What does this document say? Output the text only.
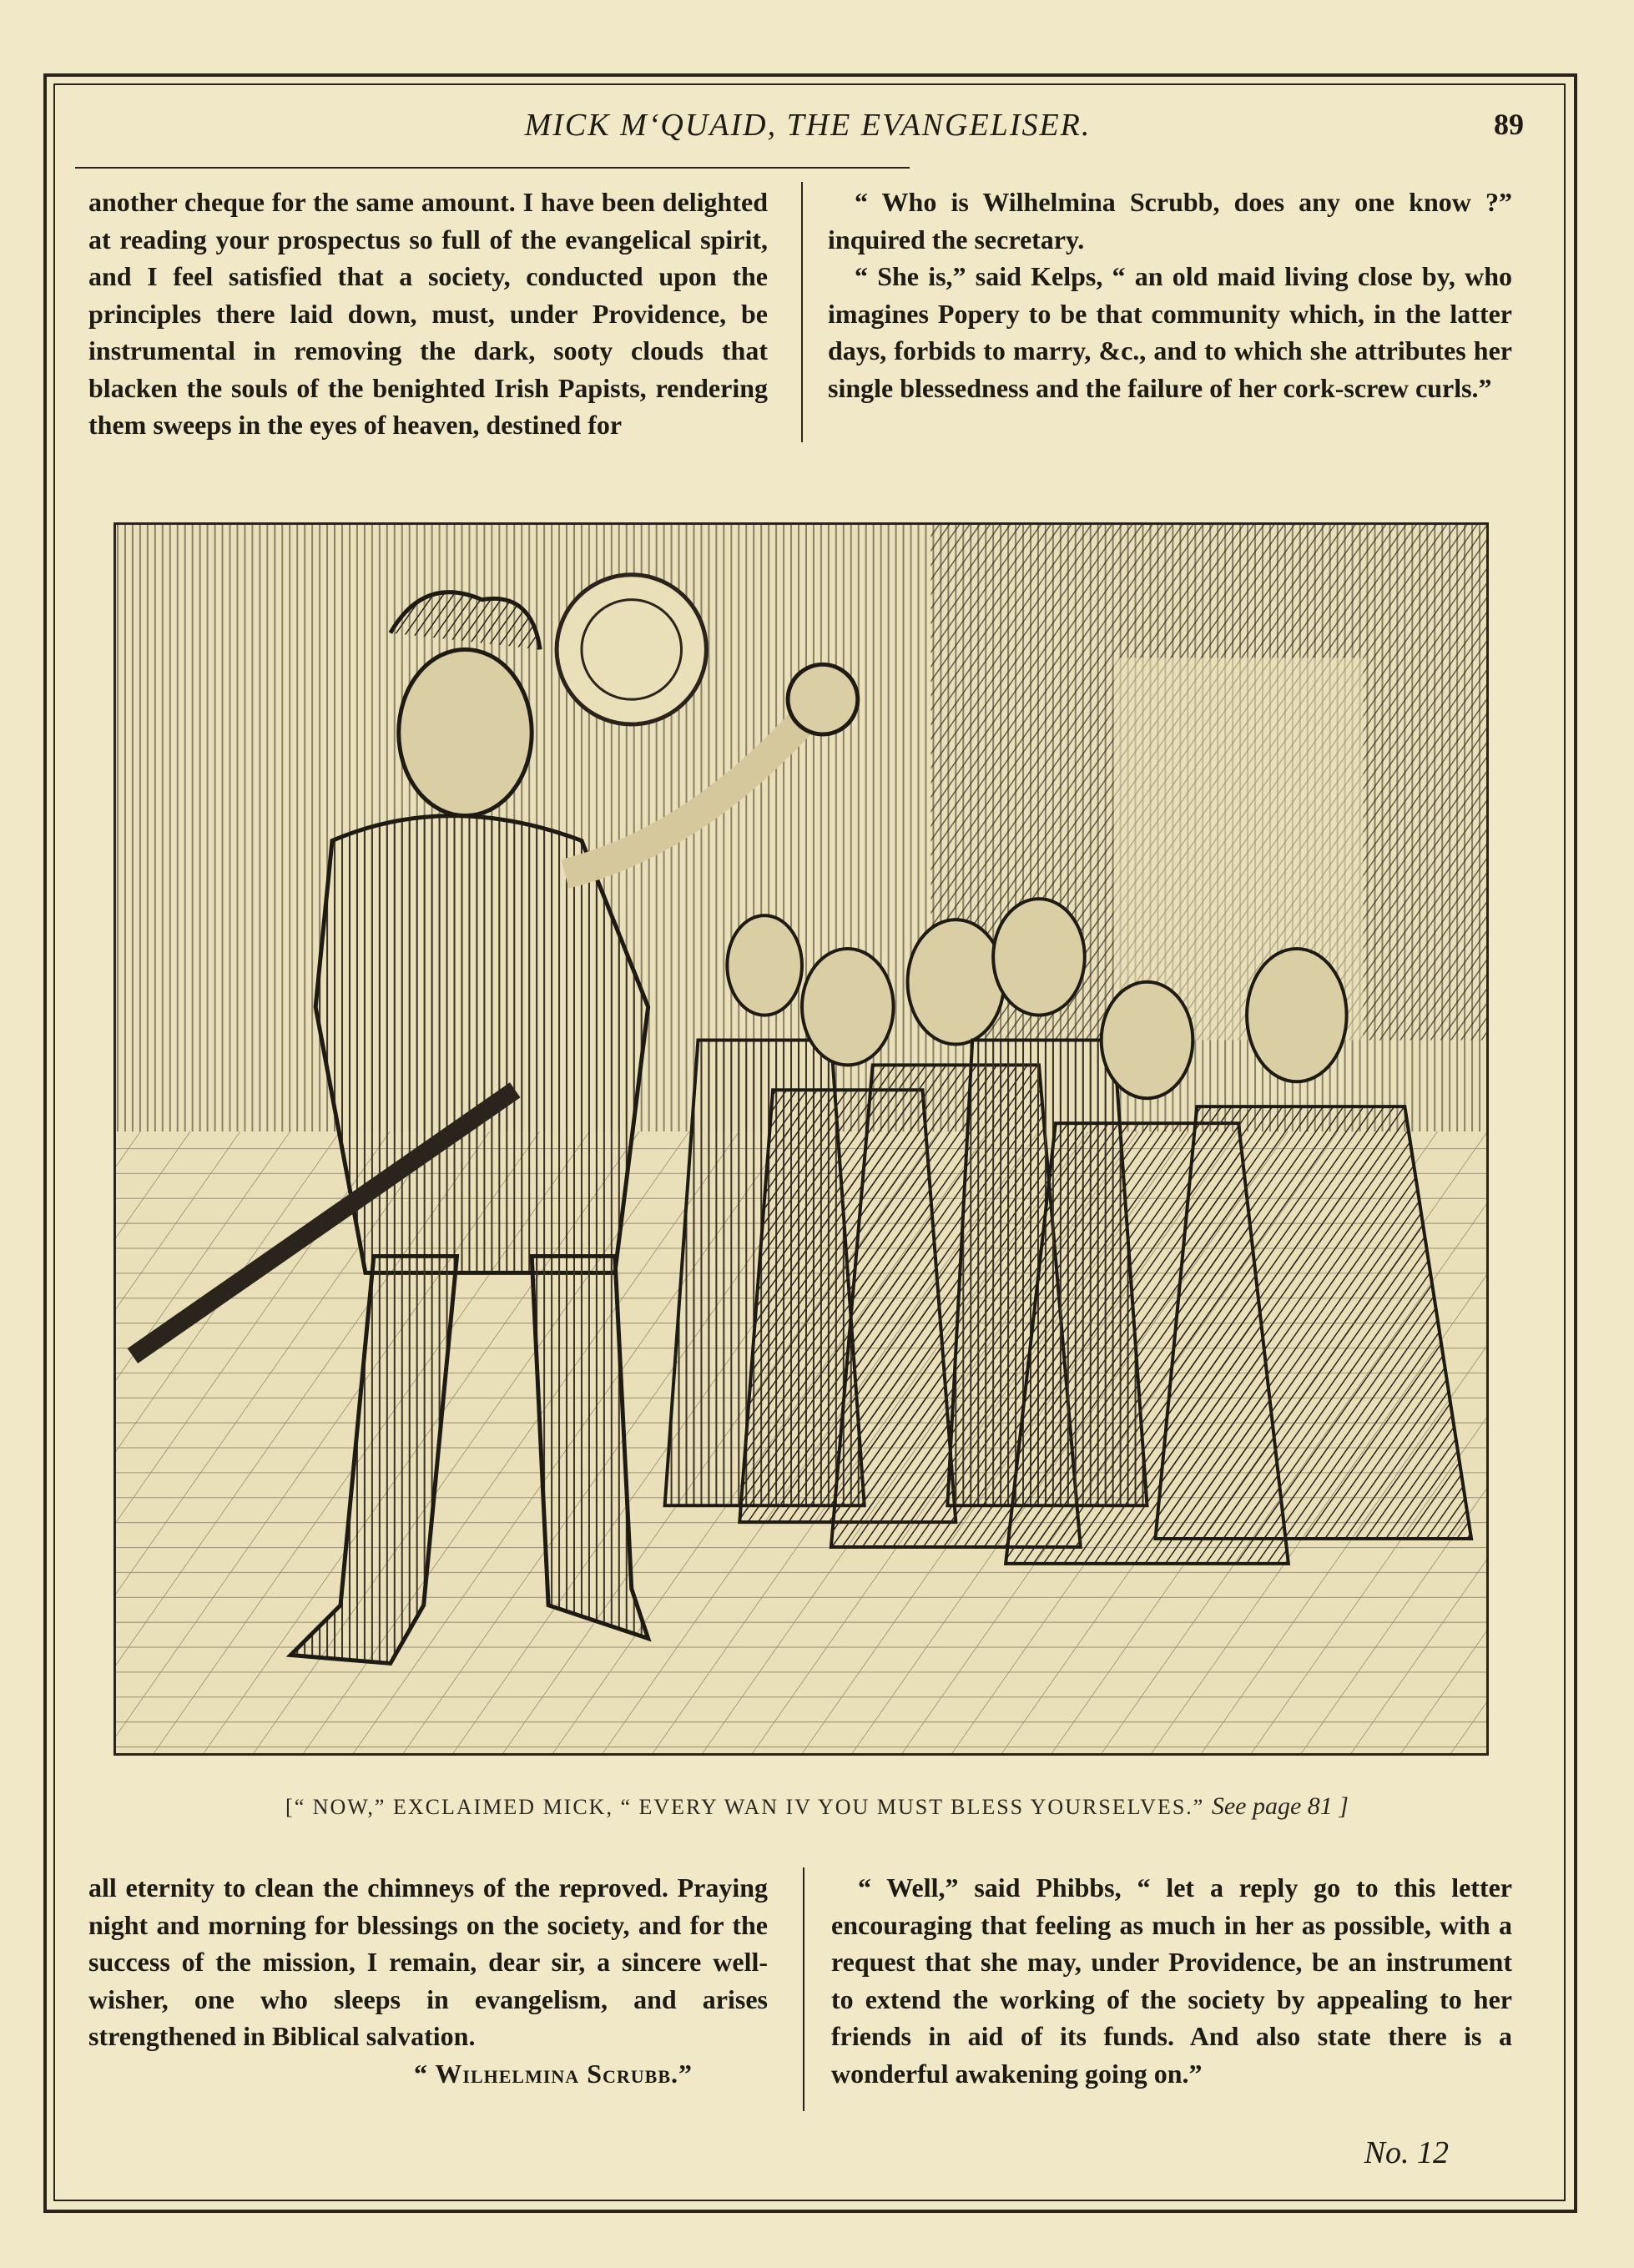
MICK M‘QUAID, THE EVANGELISER.	89

another cheque for the same amount. I have been delighted at reading your prospectus so full of the evangelical spirit, and I feel satisfied that a society, conducted upon the principles there laid down, must, under Providence, be instrumental in removing the dark, sooty clouds that blacken the souls of the benighted Irish Papists, rendering them sweeps in the eyes of heaven, destined for

“ Who is Wilhelmina Scrubb, does any one know ?” inquired the secretary.

“ She is,” said Kelps, “ an old maid living close by, who imagines Popery to be that community which, in the latter days, forbids to marry, &c., and to which she attributes her single blessedness and the failure of her cork-screw curls.”

[“ NOW,” EXCLAIMED MICK, “ EVERY WAN IV YOU MUST BLESS YOURSELVES.” See page 81 ]

all eternity to clean the chimneys of the reproved. Praying night and morning for blessings on the society, and for the success of the mission, I remain, dear sir, a sincere well-wisher, one who sleeps in evangelism, and arises strengthened in Biblical salvation.

“ Wilhelmina Scrubb.”

“ Well,” said Phibbs, “ let a reply go to this letter encouraging that feeling as much in her as possible, with a request that she may, under Providence, be an instrument to extend the working of the society by appealing to her friends in aid of its funds. And also state there is a wonderful awakening going on.”

No. 12
